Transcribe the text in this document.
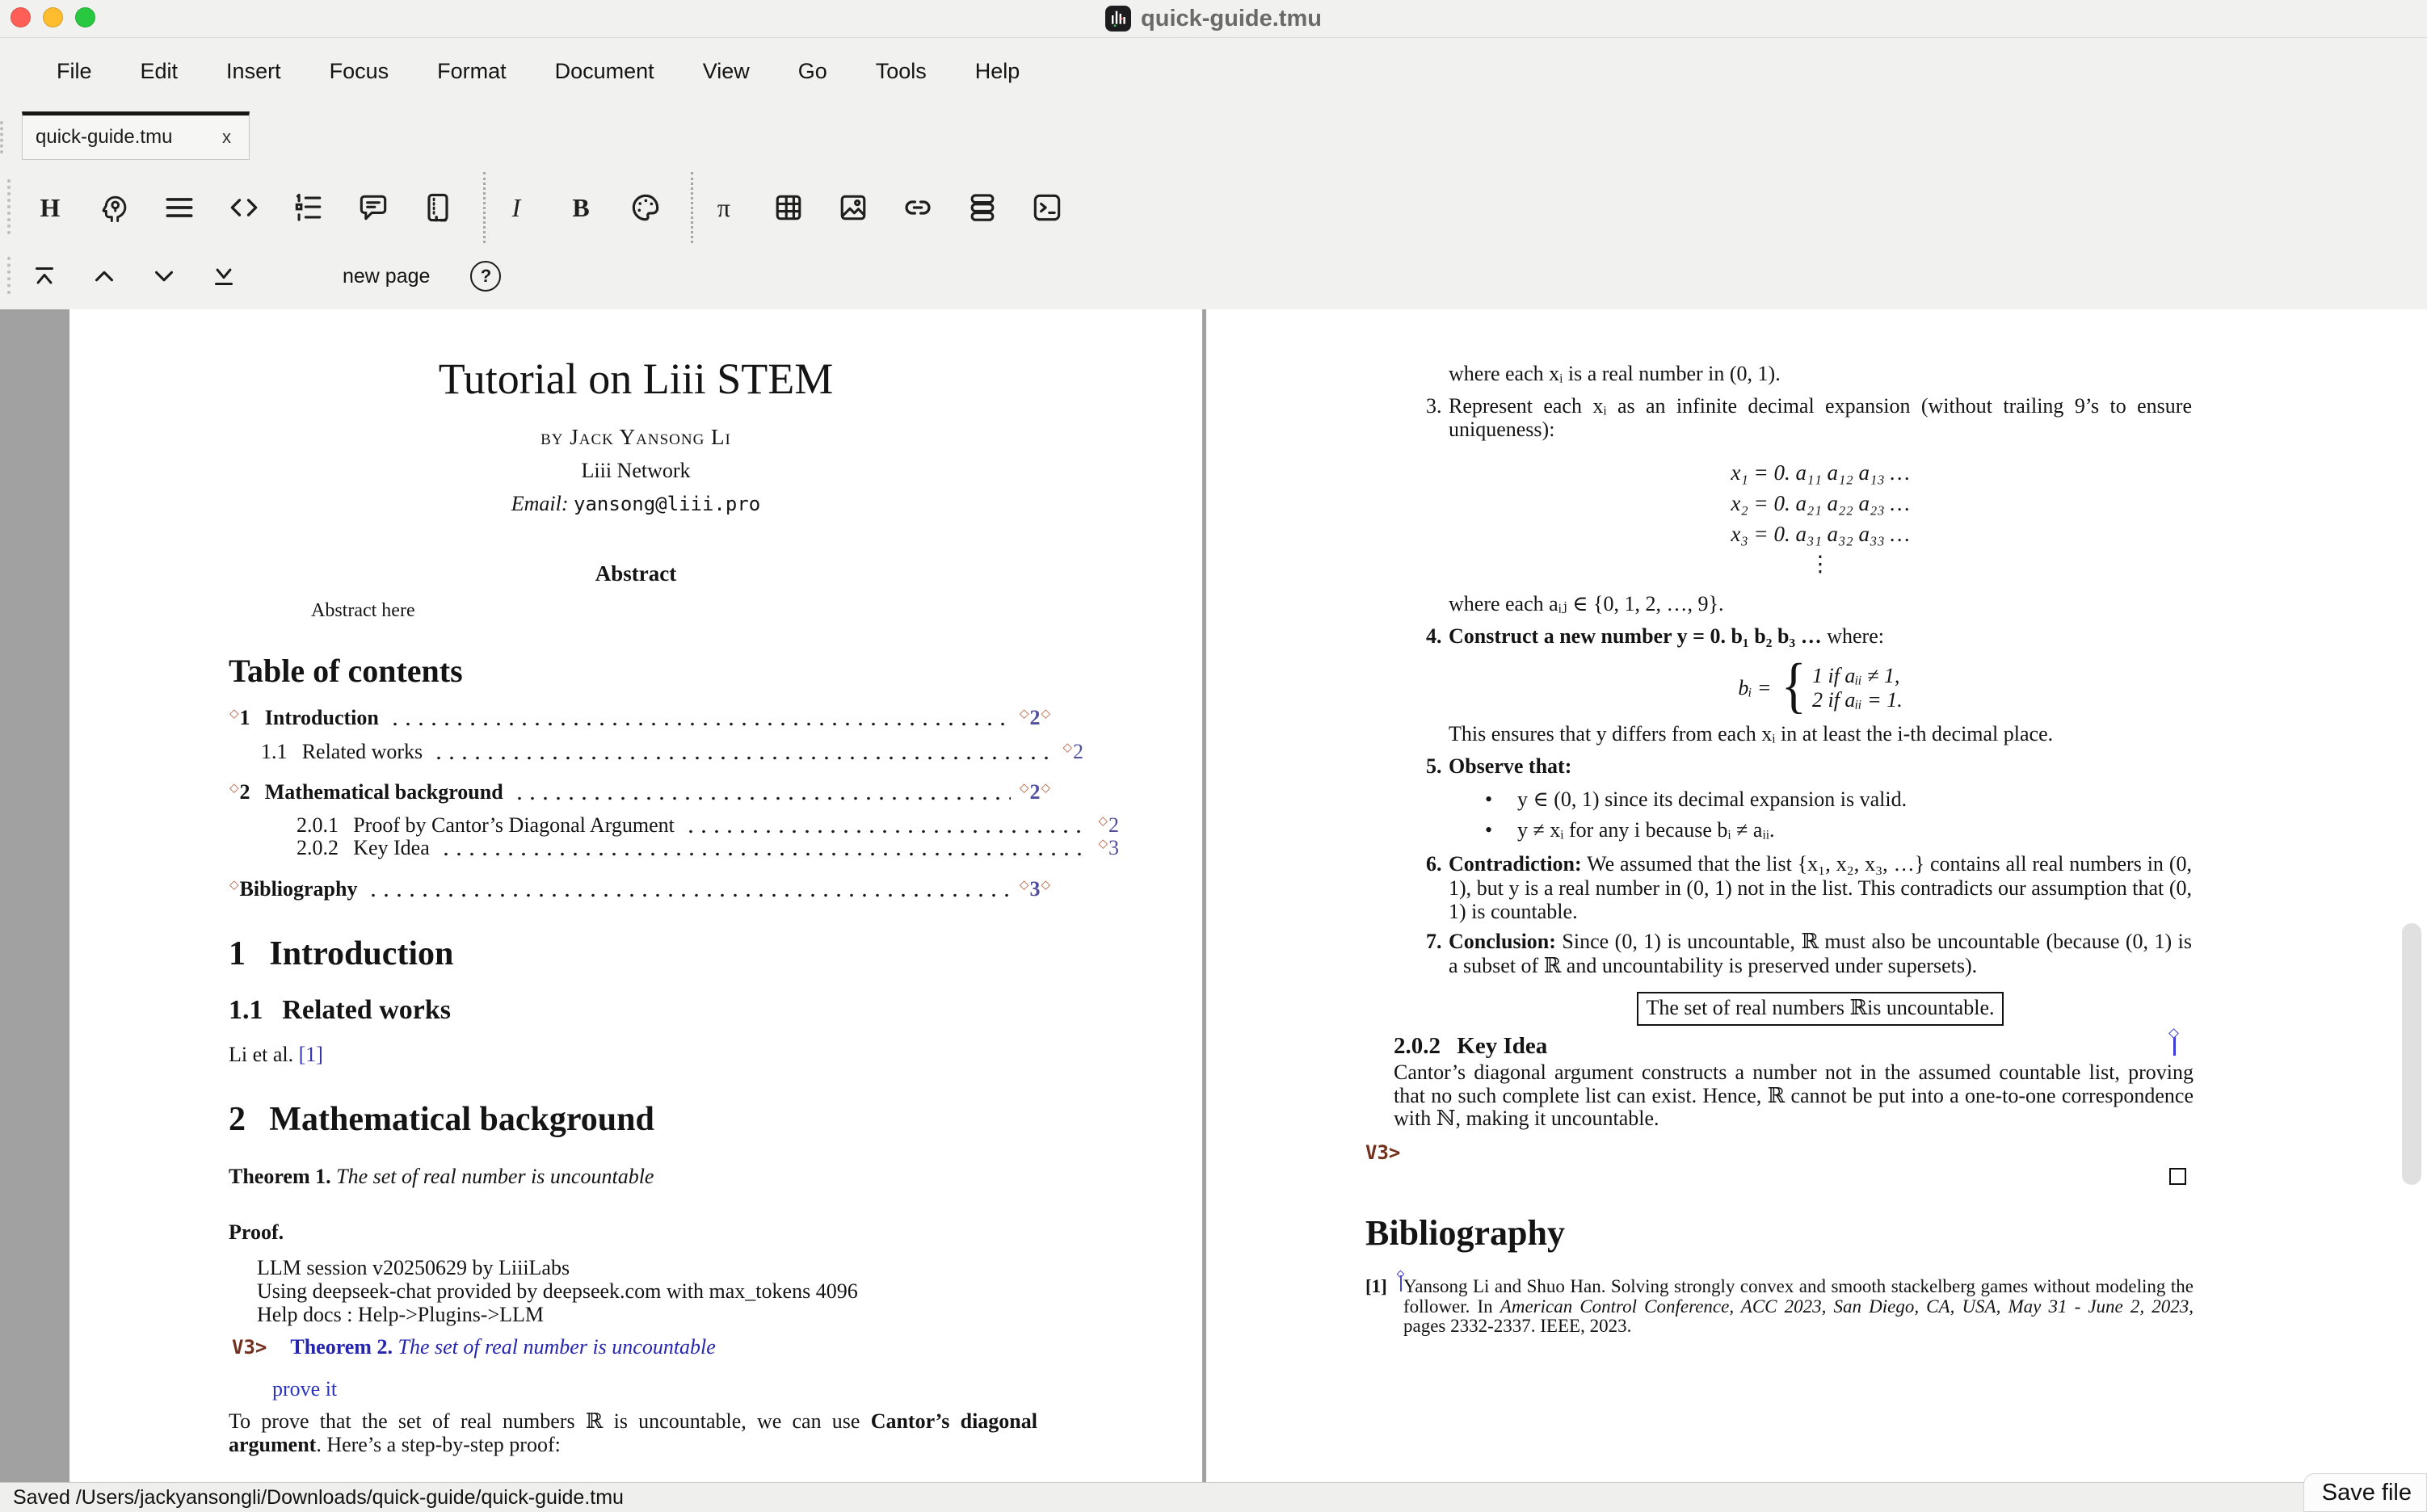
quick-guide.tmu
File	Edit	Insert	Focus	Format	Document	View	Go	Tools	Help
quick-guide.tmu	x
H	I B	π
new page	?
Tutorial on Liii STEM
by Jack Yansong Li
Liii Network
Email: yansong@liii.pro
Abstract
Abstract here
Table of contents
◇ 1  Introduction	◇ 2 ◇
1.1  Related works	◇ 2
◇ 2  Mathematical background	◇ 2 ◇
2.0.1  Proof by Cantor’s Diagonal Argument	◇ 2
2.0.2  Key Idea	◇ 3
◇ Bibliography	◇ 3 ◇
1  Introduction
1.1  Related works
Li et al. [1]
2  Mathematical background
Theorem 1. The set of real number is uncountable
Proof.
LLM session v20250629 by LiiiLabs
Using deepseek-chat provided by deepseek.com with max_tokens 4096
Help docs : Help->Plugins->LLM
V3> Theorem 2. The set of real number is uncountable
prove it
To prove that the set of real numbers ℝ is uncountable, we can use Cantor’s diagonal argument. Here’s a step-by-step proof:
where each xᵢ is a real number in (0, 1).
3. Represent each xᵢ as an infinite decimal expansion (without trailing 9’s to ensure uniqueness):
x₁ = 0. a₁₁ a₁₂ a₁₃ …
x₂ = 0. a₂₁ a₂₂ a₂₃ …
x₃ = 0. a₃₁ a₃₂ a₃₃ …
⋮
where each aᵢⱼ ∈ {0, 1, 2, …, 9}.
4. Construct a new number y = 0. b₁ b₂ b₃ … where:
bᵢ = { 1 if aᵢᵢ ≠ 1,
2 if aᵢᵢ = 1.
This ensures that y differs from each xᵢ in at least the i-th decimal place.
5. Observe that:
• y ∈ (0, 1) since its decimal expansion is valid.
• y ≠ xᵢ for any i because bᵢ ≠ aᵢᵢ.
6. Contradiction: We assumed that the list {x₁, x₂, x₃, …} contains all real numbers in (0, 1), but y is a real number in (0, 1) not in the list. This contradicts our assumption that (0, 1) is countable.
7. Conclusion: Since (0, 1) is uncountable, ℝ must also be uncountable (because (0, 1) is a subset of ℝ and uncountability is preserved under supersets).
The set of real numbers ℝis uncountable.
2.0.2  Key Idea
Cantor’s diagonal argument constructs a number not in the assumed countable list, proving that no such complete list can exist. Hence, ℝ cannot be put into a one-to-one correspondence with ℕ, making it uncountable.
V3>
Bibliography
[1] Yansong Li and Shuo Han. Solving strongly convex and smooth stackelberg games without modeling the follower. In American Control Conference, ACC 2023, San Diego, CA, USA, May 31 - June 2, 2023, pages 2332-2337. IEEE, 2023.
Saved /Users/jackyansongli/Downloads/quick-guide/quick-guide.tmu	Save file
